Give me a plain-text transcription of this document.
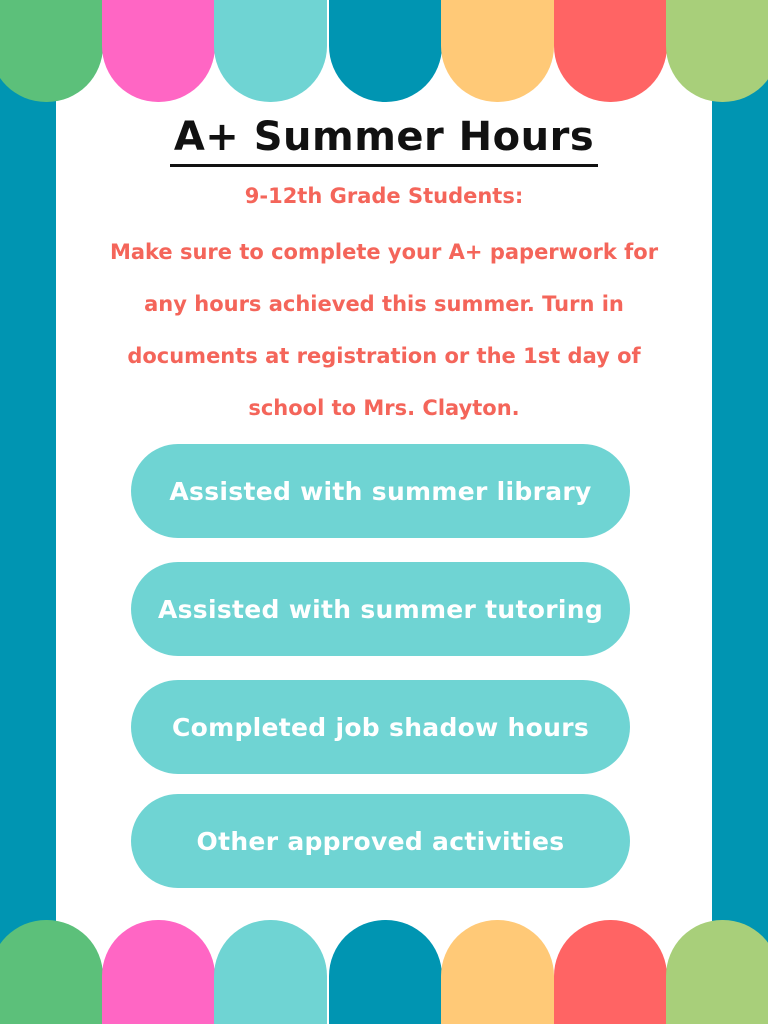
A+ Summer Hours
9-12th Grade Students:
Make sure to complete your A+ paperwork for any hours achieved this summer. Turn in documents at registration or the 1st day of school to Mrs. Clayton.
Assisted with summer library
Assisted with summer tutoring
Completed job shadow hours
Other approved activities
